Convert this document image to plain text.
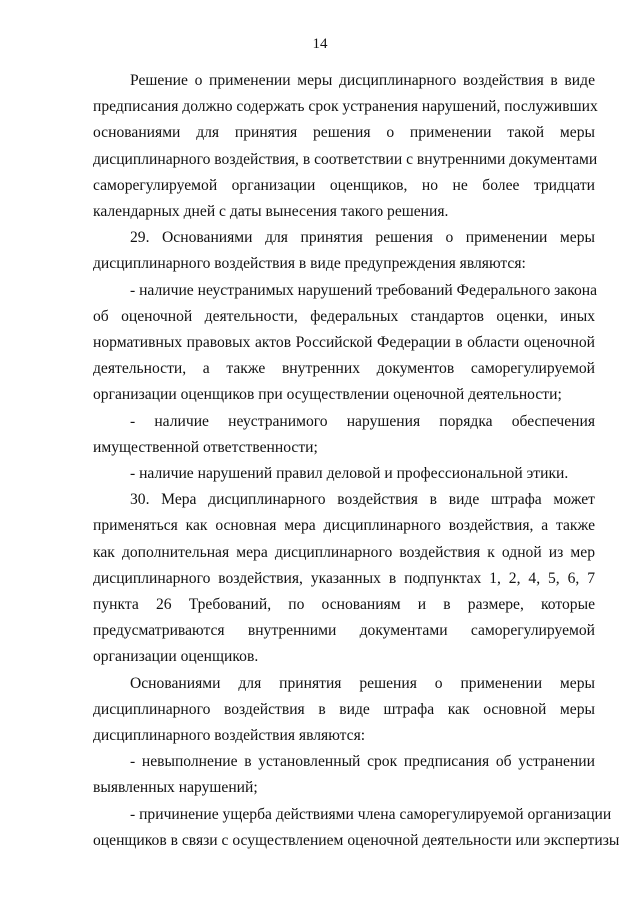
14

Решение о применении меры дисциплинарного воздействия в виде
предписания должно содержать срок устранения нарушений, послуживших
основаниями для принятия решения о применении такой меры
дисциплинарного воздействия, в соответствии с внутренними документами
саморегулируемой организации оценщиков, но не более тридцати
календарных дней с даты вынесения такого решения.

29. Основаниями для принятия решения о применении меры
дисциплинарного воздействия в виде предупреждения являются:

- наличие неустранимых нарушений требований Федерального закона
об оценочной деятельности, федеральных стандартов оценки, иных
нормативных правовых актов Российской Федерации в области оценочной
деятельности, а также внутренних документов саморегулируемой
организации оценщиков при осуществлении оценочной деятельности;

- наличие неустранимого нарушения порядка обеспечения
имущественной ответственности;

- наличие нарушений правил деловой и профессиональной этики.

30. Мера дисциплинарного воздействия в виде штрафа может
применяться как основная мера дисциплинарного воздействия, а также
как дополнительная мера дисциплинарного воздействия к одной из мер
дисциплинарного воздействия, указанных в подпунктах 1, 2, 4, 5, 6, 7
пункта 26 Требований, по основаниям и в размере, которые
предусматриваются внутренними документами саморегулируемой
организации оценщиков.

Основаниями для принятия решения о применении меры
дисциплинарного воздействия в виде штрафа как основной меры
дисциплинарного воздействия являются:

- невыполнение в установленный срок предписания об устранении
выявленных нарушений;

- причинение ущерба действиями члена саморегулируемой организации
оценщиков в связи с осуществлением оценочной деятельности или экспертизы
